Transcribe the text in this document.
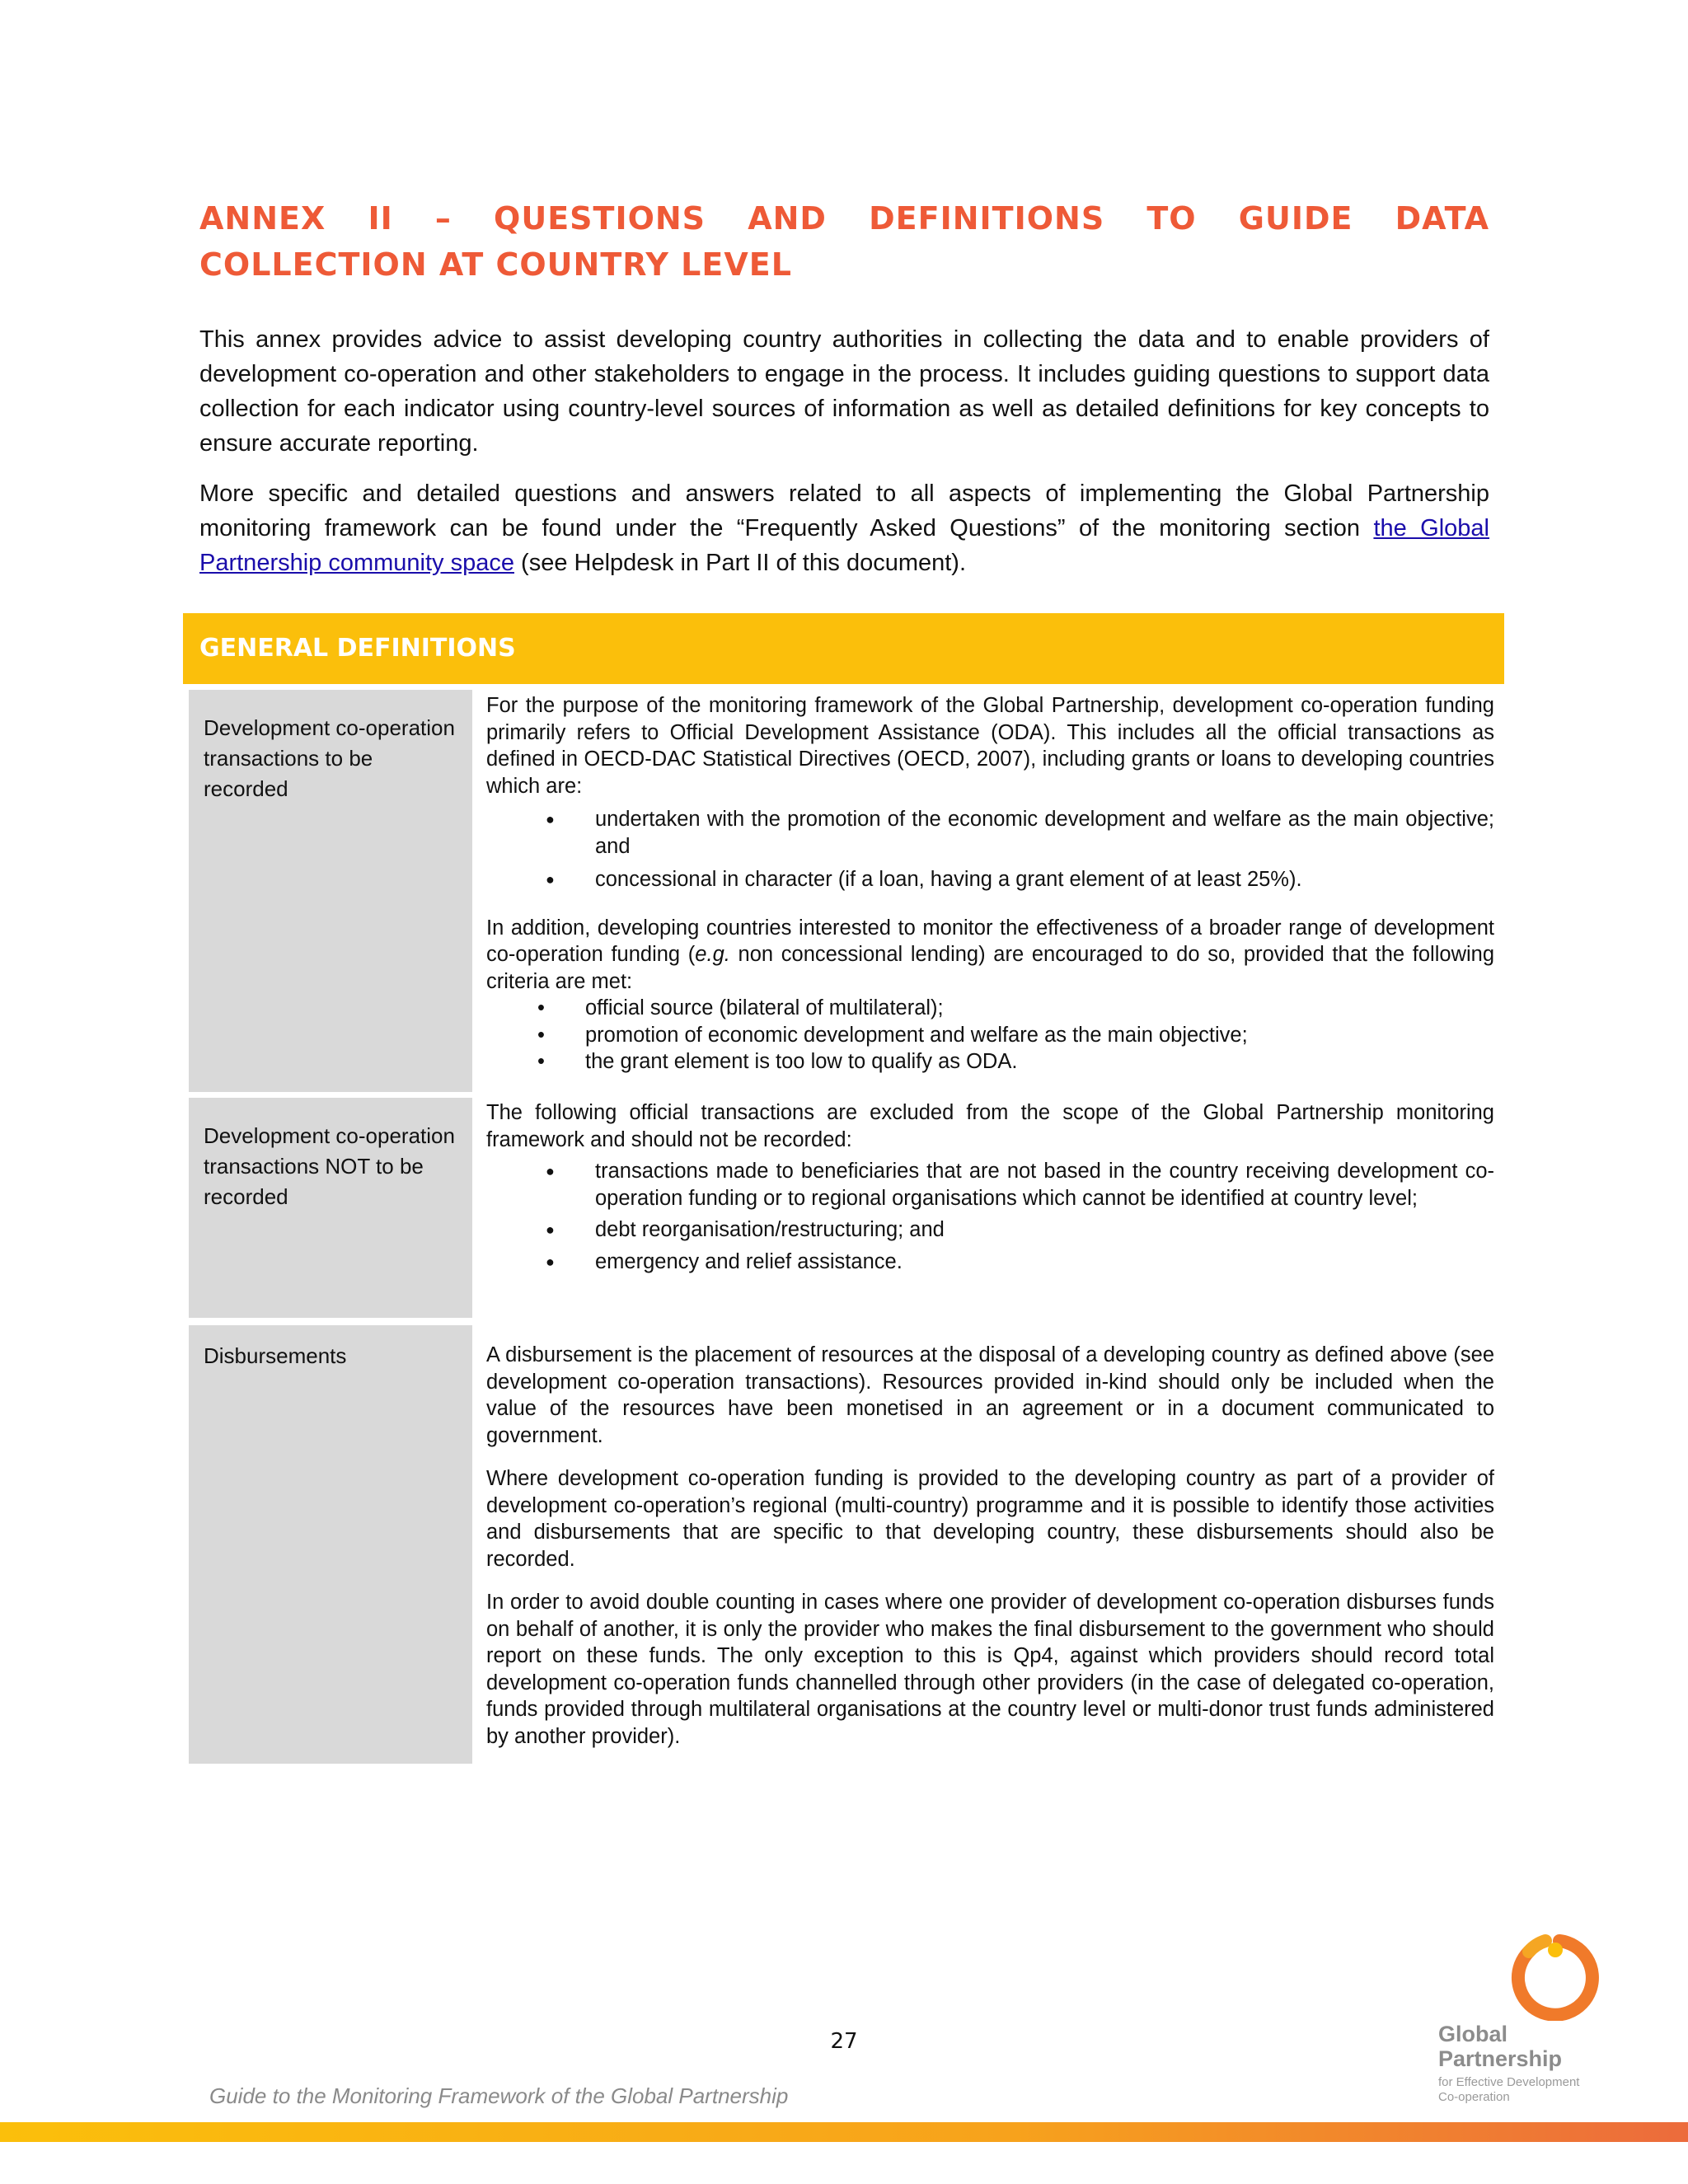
ANNEX II – QUESTIONS AND DEFINITIONS TO GUIDE DATA
COLLECTION AT COUNTRY LEVEL

This annex provides advice to assist developing country authorities in collecting the data and to enable providers of development co-operation and other stakeholders to engage in the process. It includes guiding questions to support data collection for each indicator using country-level sources of information as well as detailed definitions for key concepts to ensure accurate reporting.

More specific and detailed questions and answers related to all aspects of implementing the Global Partnership monitoring framework can be found under the “Frequently Asked Questions” of the monitoring section the Global Partnership community space (see Helpdesk in Part II of this document).

GENERAL DEFINITIONS
Development co-operation transactions to be recorded

For the purpose of the monitoring framework of the Global Partnership, development co-operation funding primarily refers to Official Development Assistance (ODA). This includes all the official transactions as defined in OECD-DAC Statistical Directives (OECD, 2007), including grants or loans to developing countries which are:

● undertaken with the promotion of the economic development and welfare as the main objective; and
● concessional in character (if a loan, having a grant element of at least 25%).

In addition, developing countries interested to monitor the effectiveness of a broader range of development co-operation funding (e.g. non concessional lending) are encouraged to do so, provided that the following criteria are met:

• official source (bilateral of multilateral);
• promotion of economic development and welfare as the main objective;
• the grant element is too low to qualify as ODA.
Development co-operation transactions NOT to be recorded

The following official transactions are excluded from the scope of the Global Partnership monitoring framework and should not be recorded:

● transactions made to beneficiaries that are not based in the country receiving development co-operation funding or to regional organisations which cannot be identified at country level;
● debt reorganisation/restructuring; and
● emergency and relief assistance.
Disbursements	A disbursement is the placement of resources at the disposal of a developing country as defined above (see development co-operation transactions). Resources provided in-kind should only be included when the value of the resources have been monetised in an agreement or in a document communicated to government.

Where development co-operation funding is provided to the developing country as part of a provider of development co-operation’s regional (multi-country) programme and it is possible to identify those activities and disbursements that are specific to that developing country, these disbursements should also be recorded.

In order to avoid double counting in cases where one provider of development co-operation disburses funds on behalf of another, it is only the provider who makes the final disbursement to the government who should report on these funds. The only exception to this is Qp4, against which providers should record total development co-operation funds channelled through other providers (in the case of delegated co-operation, funds provided through multilateral organisations at the country level or multi-donor trust funds administered by another provider).

27
Guide to the Monitoring Framework of the Global Partnership
Global
Partnership
for Effective Development
Co-operation
